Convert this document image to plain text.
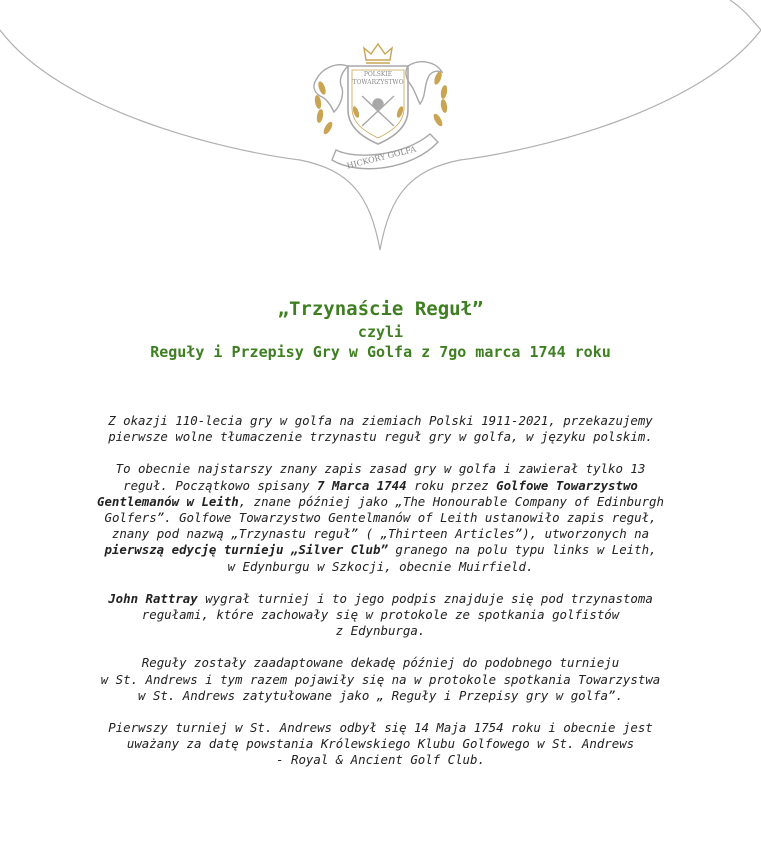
POLSKIE
TOWARZYSTWO
HICKORY GOLFA
„Trzynaście Reguł”
czyli
Reguły i Przepisy Gry w Golfa z 7go marca 1744 roku

Z okazji 110-lecia gry w golfa na ziemiach Polski 1911-2021, przekazujemy
pierwsze wolne tłumaczenie trzynastu reguł gry w golfa, w języku polskim.

To obecnie najstarszy znany zapis zasad gry w golfa i zawierał tylko 13
reguł. Początkowo spisany 7 Marca 1744 roku przez Golfowe Towarzystwo
Gentlemanów w Leith, znane później jako „The Honourable Company of Edinburgh
Golfers”. Golfowe Towarzystwo Gentelmanów of Leith ustanowiło zapis reguł,
znany pod nazwą „Trzynastu reguł” ( „Thirteen Articles”), utworzonych na
pierwszą edycję turnieju „Silver Club” granego na polu typu links w Leith,
w Edynburgu w Szkocji, obecnie Muirfield.

John Rattray wygrał turniej i to jego podpis znajduje się pod trzynastoma
regułami, które zachowały się w protokole ze spotkania golfistów
z Edynburga.

Reguły zostały zaadaptowane dekadę później do podobnego turnieju
w St. Andrews i tym razem pojawiły się na w protokole spotkania Towarzystwa
w St. Andrews zatytułowane jako „ Reguły i Przepisy gry w golfa”.

Pierwszy turniej w St. Andrews odbył się 14 Maja 1754 roku i obecnie jest
uważany za datę powstania Królewskiego Klubu Golfowego w St. Andrews
- Royal & Ancient Golf Club.
